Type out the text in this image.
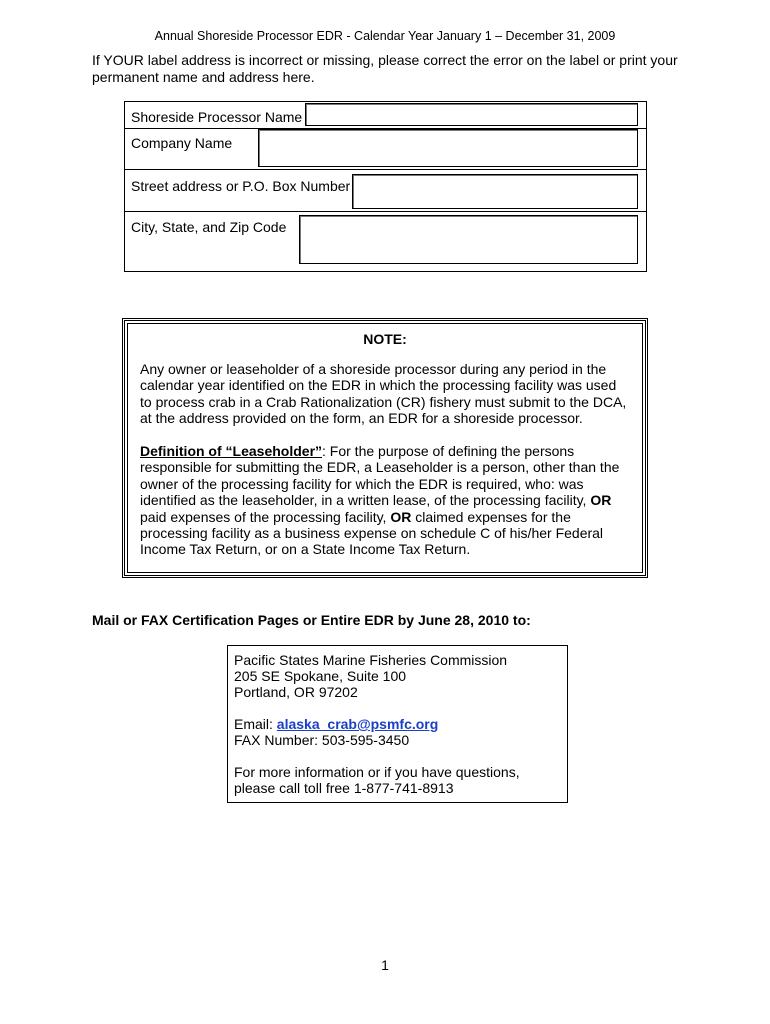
Annual Shoreside Processor EDR - Calendar Year January 1 – December 31, 2009
If YOUR label address is incorrect or missing, please correct the error on the label or print your permanent name and address here.
Shoreside Processor Name
Company Name
Street address or P.O. Box Number
City, State, and Zip Code
NOTE:
Any owner or leaseholder of a shoreside processor during any period in the calendar year identified on the EDR in which the processing facility was used to process crab in a Crab Rationalization (CR) fishery must submit to the DCA, at the address provided on the form, an EDR for a shoreside processor.
Definition of “Leaseholder”: For the purpose of defining the persons responsible for submitting the EDR, a Leaseholder is a person, other than the owner of the processing facility for which the EDR is required, who: was identified as the leaseholder, in a written lease, of the processing facility, OR paid expenses of the processing facility, OR claimed expenses for the processing facility as a business expense on schedule C of his/her Federal Income Tax Return, or on a State Income Tax Return.
Mail or FAX Certification Pages or Entire EDR by June 28, 2010 to:
Pacific States Marine Fisheries Commission
205 SE Spokane, Suite 100
Portland, OR 97202
Email: alaska_crab@psmfc.org
FAX Number: 503-595-3450
For more information or if you have questions,
please call toll free 1-877-741-8913
1
